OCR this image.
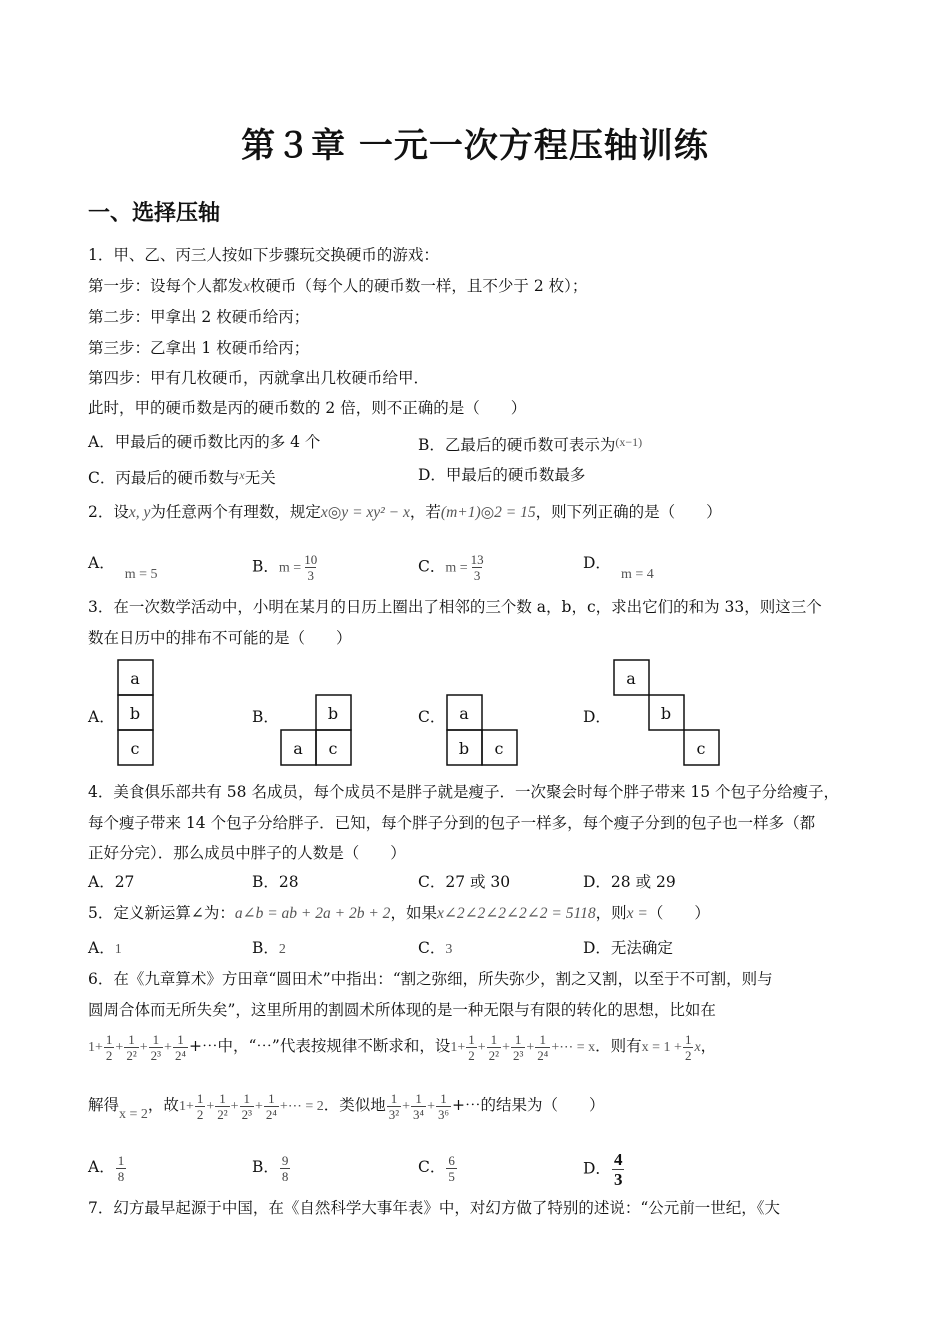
第３章 一元一次方程压轴训练
一、选择压轴
1．甲、乙、丙三人按如下步骤玩交换硬币的游戏：
第一步：设每个人都发x枚硬币（每个人的硬币数一样，且不少于 2 枚）；
第二步：甲拿出 2 枚硬币给丙；
第三步：乙拿出 1 枚硬币给丙；
第四步：甲有几枚硬币，丙就拿出几枚硬币给甲．
此时，甲的硬币数是丙的硬币数的 2 倍，则不正确的是（　　）
A．甲最后的硬币数比丙的多 4 个	B．乙最后的硬币数可表示为$^{(x-1)}$
C．丙最后的硬币数与$^x$无关	D．甲最后的硬币数最多
2．设x, y为任意两个有理数，规定x◎y = xy² − x，若(m+1)◎2 = 15，则下列正确的是（　　）
A．m = 5	B．$m = \frac{10}{3}$	C．$m = \frac{13}{3}$	D．m = 4
3．在一次数学活动中，小明在某月的日历上圈出了相邻的三个数 a，b，c，求出它们的和为 33，则这三个
数在日历中的排布不可能的是（　　）
A．	B．	C．	D．
a
b
c
b
a c
a
b c
a
b
c
4．美食俱乐部共有 58 名成员，每个成员不是胖子就是瘦子．一次聚会时每个胖子带来 15 个包子分给瘦子，
每个瘦子带来 14 个包子分给胖子．已知，每个胖子分到的包子一样多，每个瘦子分到的包子也一样多（都
正好分完）．那么成员中胖子的人数是（　　）
A．27	B．28	C．27 或 30	D．28 或 29
5．定义新运算∠为：a∠b = ab + 2a + 2b + 2，如果x∠2∠2∠2∠2∠2 = 5118，则x =（　　）
A．1	B．2	C．3	D．无法确定
6．在《九章算术》方田章“圆田术”中指出：“割之弥细，所失弥少，割之又割，以至于不可割，则与
圆周合体而无所失矣”，这里所用的割圆术所体现的是一种无限与有限的转化的思想，比如在
$1+ \frac{1}{2} + \frac{1}{\text{2²}} + \frac{1}{\text{2³}} + \frac{1}{\text{2⁴}}$ +⋯中，“⋯”代表按规律不断求和，设$1+ \frac{1}{2} + \frac{1}{\text{2²}} + \frac{1}{\text{2³}} + \frac{1}{\text{2⁴}}$ +⋯ = x．则有$x = 1 + \frac{1}{2}$ x，
解得x = 2，故$1+ \frac{1}{2} + \frac{1}{\text{2²}} + \frac{1}{\text{2³}} + \frac{1}{\text{2⁴}}$ +⋯ = 2．类似地 $\frac{1}{\text{3²}} + \frac{1}{\text{3⁴}} + \frac{1}{\text{3⁶}}$ +⋯的结果为（　　）
A． $\frac{1}{8}$	B． $\frac{9}{8}$	C． $\frac{6}{5}$	D． $\frac{4}{3}$
7．幻方最早起源于中国，在《自然科学大事年表》中，对幻方做了特别的述说：“公元前一世纪，《大
